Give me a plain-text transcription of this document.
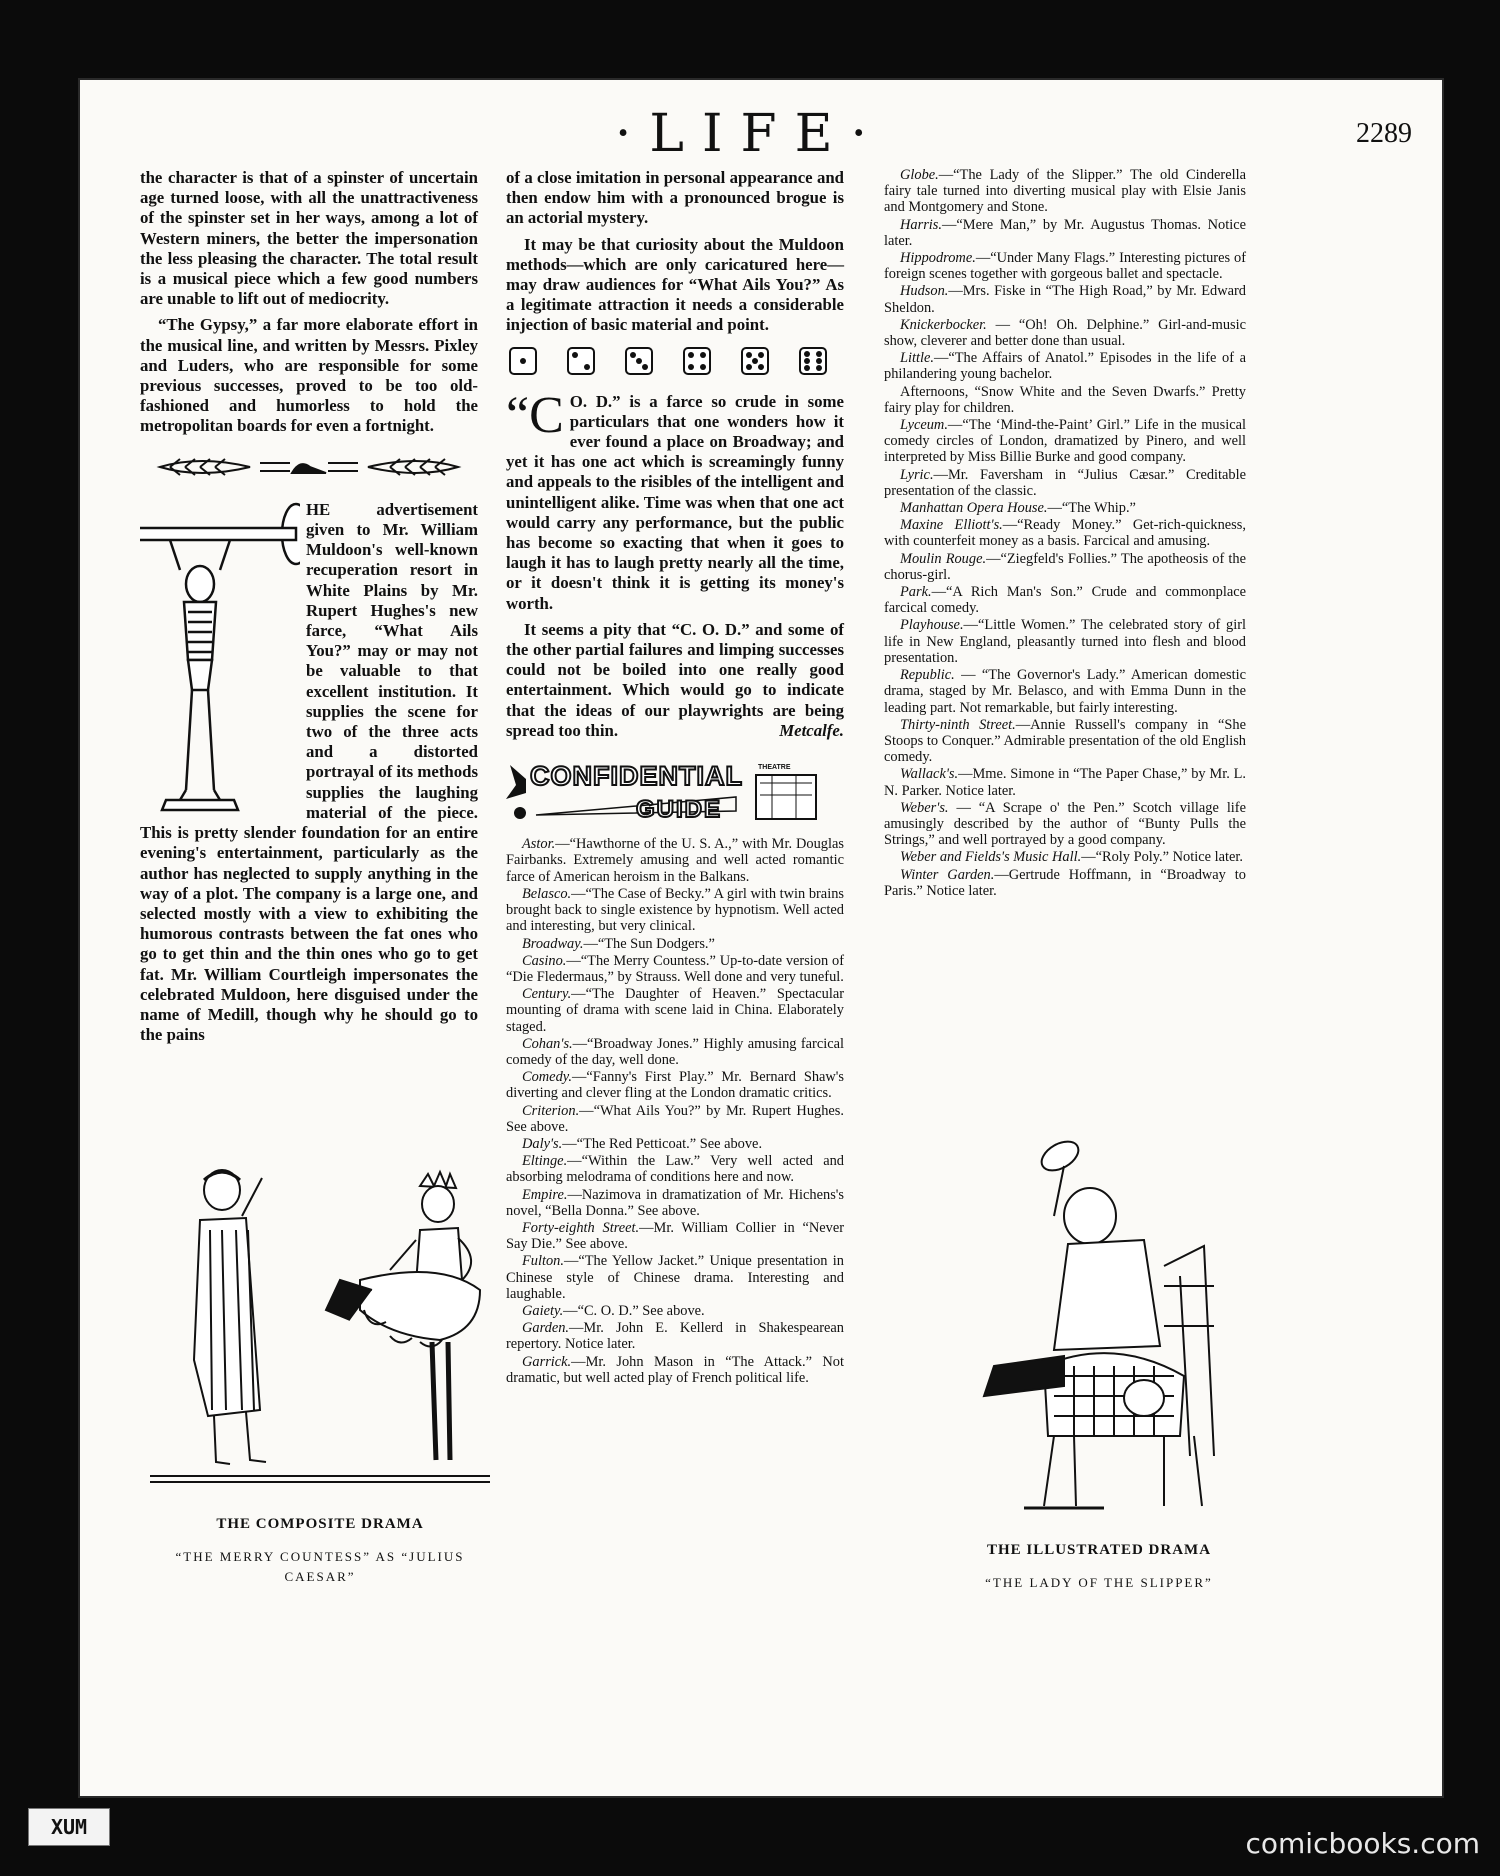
·LIFE·	2289

the character is that of a spinster of uncertain age turned loose, with all the unattractiveness of the spinster set in her ways, among a lot of Western miners, the better the impersonation the less pleasing the character. The total result is a musical piece which a few good numbers are unable to lift out of mediocrity.

“The Gypsy,” a far more elaborate effort in the musical line, and written by Messrs. Pixley and Luders, who are responsible for some previous successes, proved to be too old-fashioned and humorless to hold the metropolitan boards for even a fortnight.

HE advertisement given to Mr. William Muldoon's well-known recuperation resort in White Plains by Mr. Rupert Hughes's new farce, “What Ails You?” may or may not be valuable to that excellent institution. It supplies the scene for two of the three acts and a distorted portrayal of its methods supplies the laughing material of the piece. This is pretty slender foundation for an entire evening's entertainment, particularly as the author has neglected to supply anything in the way of a plot. The company is a large one, and selected mostly with a view to exhibiting the humorous contrasts between the fat ones who go to get thin and the thin ones who go to get fat. Mr. William Courtleigh impersonates the celebrated Muldoon, here disguised under the name of Medill, though why he should go to the pains

of a close imitation in personal appearance and then endow him with a pronounced brogue is an actorial mystery.

It may be that curiosity about the Muldoon methods—which are only caricatured here—may draw audiences for “What Ails You?” As a legitimate attraction it needs a considerable injection of basic material and point.

“C O. D.” is a farce so crude in some particulars that one wonders how it ever found a place on Broadway; and yet it has one act which is screamingly funny and appeals to the risibles of the intelligent and unintelligent alike. Time was when that one act would carry any performance, but the public has become so exacting that when it goes to laugh it has to laugh pretty nearly all the time, or it doesn't think it is getting its money's worth.

It seems a pity that “C. O. D.” and some of the other partial failures and limping successes could not be boiled into one really good entertainment. Which would go to indicate that the ideas of our playwrights are being spread too thin.	Metcalfe.

CONFIDENTIAL
GUIDE
THEATRE

Astor.—“Hawthorne of the U. S. A.,” with Mr. Douglas Fairbanks. Extremely amusing and well acted romantic farce of American heroism in the Balkans.

Belasco.—“The Case of Becky.” A girl with twin brains brought back to single existence by hypnotism. Well acted and interesting, but very clinical.

Broadway.—“The Sun Dodgers.”

Casino.—“The Merry Countess.” Up-to-date version of “Die Fledermaus,” by Strauss. Well done and very tuneful.

Century.—“The Daughter of Heaven.” Spectacular mounting of drama with scene laid in China. Elaborately staged.

Cohan's.—“Broadway Jones.” Highly amusing farcical comedy of the day, well done.

Comedy.—“Fanny's First Play.” Mr. Bernard Shaw's diverting and clever fling at the London dramatic critics.

Criterion.—“What Ails You?” by Mr. Rupert Hughes. See above.

Daly's.—“The Red Petticoat.” See above.

Eltinge.—“Within the Law.” Very well acted and absorbing melodrama of conditions here and now.

Empire.—Nazimova in dramatization of Mr. Hichens's novel, “Bella Donna.” See above.

Forty-eighth Street.—Mr. William Collier in “Never Say Die.” See above.

Fulton.—“The Yellow Jacket.” Unique presentation in Chinese style of Chinese drama. Interesting and laughable.

Gaiety.—“C. O. D.” See above.

Garden.—Mr. John E. Kellerd in Shakespearean repertory. Notice later.

Garrick.—Mr. John Mason in “The Attack.” Not dramatic, but well acted play of French political life.

Globe.—“The Lady of the Slipper.” The old Cinderella fairy tale turned into diverting musical play with Elsie Janis and Montgomery and Stone.

Harris.—“Mere Man,” by Mr. Augustus Thomas. Notice later.

Hippodrome.—“Under Many Flags.” Interesting pictures of foreign scenes together with gorgeous ballet and spectacle.

Hudson.—Mrs. Fiske in “The High Road,” by Mr. Edward Sheldon.

Knickerbocker. — “Oh! Oh. Delphine.” Girl-and-music show, cleverer and better done than usual.

Little.—“The Affairs of Anatol.” Episodes in the life of a philandering young bachelor.

Afternoons, “Snow White and the Seven Dwarfs.” Pretty fairy play for children.

Lyceum.—“The ‘Mind-the-Paint’ Girl.” Life in the musical comedy circles of London, dramatized by Pinero, and well interpreted by Miss Billie Burke and good company.

Lyric.—Mr. Faversham in “Julius Cæsar.” Creditable presentation of the classic.

Manhattan Opera House.—“The Whip.”

Maxine Elliott's.—“Ready Money.” Get-rich-quickness, with counterfeit money as a basis. Farcical and amusing.

Moulin Rouge.—“Ziegfeld's Follies.” The apotheosis of the chorus-girl.

Park.—“A Rich Man's Son.” Crude and commonplace farcical comedy.

Playhouse.—“Little Women.” The celebrated story of girl life in New England, pleasantly turned into flesh and blood presentation.

Republic. — “The Governor's Lady.” American domestic drama, staged by Mr. Belasco, and with Emma Dunn in the leading part. Not remarkable, but fairly interesting.

Thirty-ninth Street.—Annie Russell's company in “She Stoops to Conquer.” Admirable presentation of the old English comedy.

Wallack's.—Mme. Simone in “The Paper Chase,” by Mr. L. N. Parker. Notice later.

Weber's. — “A Scrape o' the Pen.” Scotch village life amusingly described by the author of “Bunty Pulls the Strings,” and well portrayed by a good company.

Weber and Fields's Music Hall.—“Roly Poly.” Notice later.

Winter Garden.—Gertrude Hoffmann, in “Broadway to Paris.” Notice later.

THE COMPOSITE DRAMA
“THE MERRY COUNTESS” AS “JULIUS CAESAR”
THE ILLUSTRATED DRAMA
“THE LADY OF THE SLIPPER”
XUM	comicbooks.com
